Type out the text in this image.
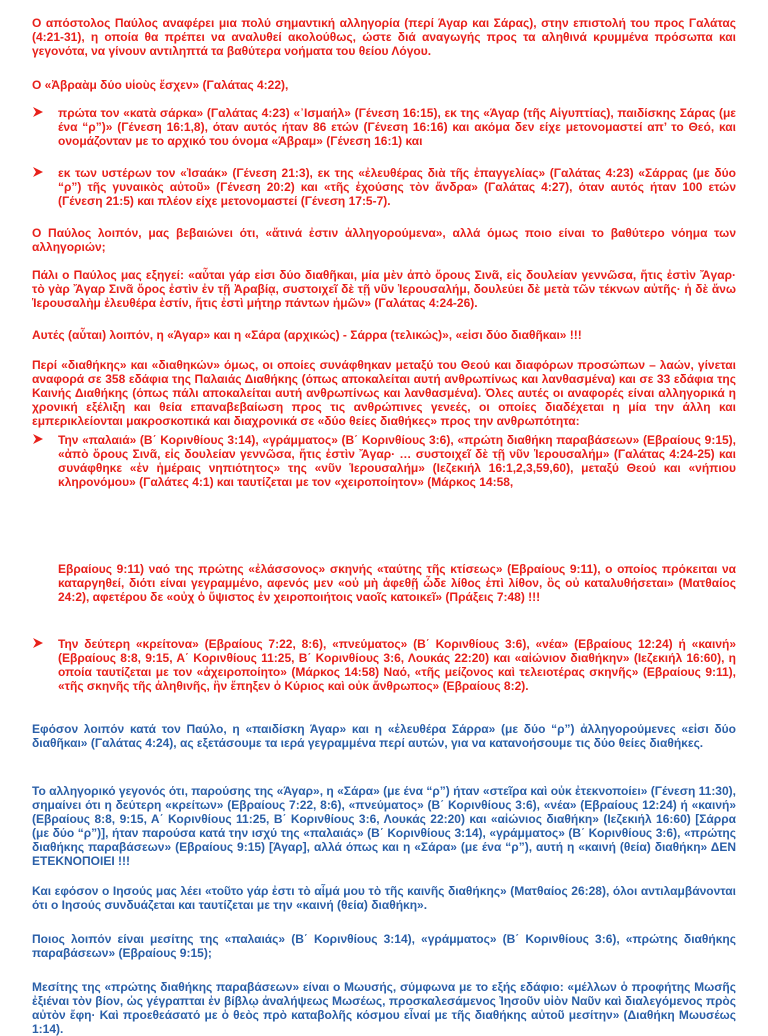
Ο απόστολος Παύλος αναφέρει μια πολύ σημαντική αλληγορία (περί Άγαρ και Σάρας), στην επιστολή του προς Γαλάτας (4:21-31), η οποία θα πρέπει να αναλυθεί ακολούθως, ώστε διά αναγωγής προς τα αληθινά κρυμμένα πρόσωπα και γεγονότα, να γίνουν αντιληπτά τα βαθύτερα νοήματα του θείου Λόγου.

Ο «Ἀβραὰμ δύο υἱοὺς ἔσχεν» (Γαλάτας 4:22),

πρώτα τον «κατὰ σάρκα» (Γαλάτας 4:23) «᾿Ισμαήλ» (Γένεση 16:15), εκ της «Άγαρ (τῆς Αἰγυπτίας), παιδίσκης Σάρας (με ένα “ρ”)» (Γένεση 16:1,8), όταν αυτός ήταν 86 ετών (Γένεση 16:16) και ακόμα δεν είχε μετονομαστεί απ’ το Θεό, και ονομάζονταν με το αρχικό του όνομα «Άβραμ» (Γένεση 16:1) και

εκ των υστέρων τον «Ἰσαάκ» (Γένεση 21:3), εκ της «ἐλευθέρας διὰ τῆς ἐπαγγελίας» (Γαλάτας 4:23) «Σάρρας (με δύο “ρ”) τῆς γυναικὸς αὐτοῦ» (Γένεση 20:2) και «τῆς ἐχούσης τὸν ἄνδρα» (Γαλάτας 4:27), όταν αυτός ήταν 100 ετών (Γένεση 21:5) και πλέον είχε μετονομαστεί (Γένεση 17:5-7).

Ο Παύλος λοιπόν, μας βεβαιώνει ότι, «ἅτινά ἐστιν ἀλληγορούμενα», αλλά όμως ποιο είναι το βαθύτερο νόημα των αλληγοριών;

Πάλι ο Παύλος μας εξηγεί: «αὗται γάρ εἰσι δύο διαθῆκαι, μία μὲν ἀπὸ ὄρους Σινᾶ, εἰς δουλείαν γεννῶσα, ἥτις ἐστὶν Ἄγαρ· τὸ γὰρ Ἄγαρ Σινᾶ ὄρος ἐστὶν ἐν τῇ Ἀραβίᾳ, συστοιχεῖ δὲ τῇ νῦν Ἱερουσαλήμ, δουλεύει δὲ μετὰ τῶν τέκνων αὐτῆς· ἡ δὲ ἄνω Ἱερουσαλὴμ ἐλευθέρα ἐστίν, ἥτις ἐστὶ μήτηρ πάντων ἡμῶν» (Γαλάτας 4:24-26).

Αυτές (αὗται) λοιπόν, η «Άγαρ» και η «Σάρα (αρχικώς) - Σάρρα (τελικώς)», «εἰσι δύο διαθῆκαι» !!!

Περί «διαθήκης» και «διαθηκών» όμως, οι οποίες συνάφθηκαν μεταξύ του Θεού και διαφόρων προσώπων – λαών, γίνεται αναφορά σε 358 εδάφια της Παλαιάς Διαθήκης (όπως αποκαλείται αυτή ανθρωπίνως και λανθασμένα) και σε 33 εδάφια της Καινής Διαθήκης (όπως πάλι αποκαλείται αυτή ανθρωπίνως και λανθασμένα). Όλες αυτές οι αναφορές είναι αλληγορικά η χρονική εξέλιξη και θεία επαναβεβαίωση προς τις ανθρώπινες γενεές, οι οποίες διαδέχεται η μία την άλλη και εμπερικλείονται μακροσκοπικά και διαχρονικά σε «δύο θείες διαθήκες» προς την ανθρωπότητα:

Την «παλαιά» (Β΄ Κορινθίους 3:14), «γράμματος» (Β΄ Κορινθίους 3:6), «πρώτη διαθήκη παραβάσεων» (Εβραίους 9:15), «ἀπὸ ὄρους Σινᾶ, εἰς δουλείαν γεννῶσα, ἥτις ἐστὶν Ἄγαρ· … συστοιχεῖ δὲ τῇ νῦν Ἱερουσαλήμ» (Γαλάτας 4:24-25) και συνάφθηκε «ἐν ἡμέραις νηπιότητος» της «νῦν Ἱερουσαλήμ» (Ιεζεκιήλ 16:1,2,3,59,60), μεταξύ Θεού και «νήπιου κληρονόμου» (Γαλάτες 4:1) και ταυτίζεται με τον «χειροποίητον» (Μάρκος 14:58,

Εβραίους 9:11) ναό της πρώτης «ἐλάσσονος» σκηνής «ταύτης τῆς κτίσεως» (Εβραίους 9:11), ο οποίος πρόκειται να καταργηθεί, διότι είναι γεγραμμένο, αφενός μεν «οὐ μὴ ἀφεθῇ ὧδε λίθος ἐπὶ λίθον, ὃς οὐ καταλυθήσεται» (Ματθαίος 24:2), αφετέρου δε «οὐχ ὁ ὕψιστος ἐν χειροποιήτοις ναοῖς κατοικεῖ» (Πράξεις 7:48) !!!

Την δεύτερη «κρείτονα» (Εβραίους 7:22, 8:6), «πνεύματος» (Β΄ Κορινθίους 3:6), «νέα» (Εβραίους 12:24) ή «καινή» (Εβραίους 8:8, 9:15, Α΄ Κορινθίους 11:25, Β΄ Κορινθίους 3:6, Λουκάς 22:20) και «αἰώνιον διαθήκην» (Ιεζεκιήλ 16:60), η οποία ταυτίζεται με τον «ἀχειροποίητο» (Μάρκος 14:58) Ναό, «τῆς μείζονος καὶ τελειοτέρας σκηνῆς» (Εβραίους 9:11), «τῆς σκηνῆς τῆς ἀληθινῆς, ἣν ἔπηξεν ὁ Κύριος καὶ οὐκ ἄνθρωπος» (Εβραίους 8:2).

Εφόσον λοιπόν κατά τον Παύλο, η «παιδίσκη Άγαρ» και η «ἐλευθέρα Σάρρα» (με δύο “ρ”) ἀλληγορούμενες «εἰσι δύο διαθῆκαι» (Γαλάτας 4:24), ας εξετάσουμε τα ιερά γεγραμμένα περί αυτών, για να κατανοήσουμε τις δύο θείες διαθήκες.

Το αλληγορικό γεγονός ότι, παρούσης της «Άγαρ», η «Σάρα» (με ένα “ρ”) ήταν «στεῖρα καὶ οὐκ ἐτεκνοποίει» (Γένεση 11:30), σημαίνει ότι η δεύτερη «κρείτων» (Εβραίους 7:22, 8:6), «πνεύματος» (Β΄ Κορινθίους 3:6), «νέα» (Εβραίους 12:24) ή «καινή» (Εβραίους 8:8, 9:15, Α΄ Κορινθίους 11:25, Β΄ Κορινθίους 3:6, Λουκάς 22:20) και «αἰώνιος διαθήκη» (Ιεζεκιήλ 16:60) [Σάρρα (με δύο “ρ”)], ήταν παρούσα κατά την ισχύ της «παλαιάς» (Β΄ Κορινθίους 3:14), «γράμματος» (Β΄ Κορινθίους 3:6), «πρώτης διαθήκης παραβάσεων» (Εβραίους 9:15) [Άγαρ], αλλά όπως και η «Σάρα» (με ένα “ρ”), αυτή η «καινή (θεία) διαθήκη» ΔΕΝ ΕΤΕΚΝΟΠΟΙΕΙ !!!

Και εφόσον ο Ιησούς μας λέει «τοῦτο γάρ ἐστι τὸ αἷμά μου τὸ τῆς καινῆς διαθήκης» (Ματθαίος 26:28), όλοι αντιλαμβάνονται ότι ο Ιησούς συνδυάζεται και ταυτίζεται με την «καινή (θεία) διαθήκη».

Ποιος λοιπόν είναι μεσίτης της «παλαιάς» (Β΄ Κορινθίους 3:14), «γράμματος» (Β΄ Κορινθίους 3:6), «πρώτης διαθήκης παραβάσεων» (Εβραίους 9:15);

Μεσίτης της «πρώτης διαθήκης παραβάσεων» είναι ο Μωυσής, σύμφωνα με το εξής εδάφιο: «μέλλων ὁ προφήτης Μωσῆς ἐξιέναι τὸν βίον, ὡς γέγραπται ἐν βίβλῳ ἀναλήψεως Μωσέως, προσκαλεσάμενος Ἰησοῦν υἱὸν Ναῦν καὶ διαλεγόμενος πρὸς αὐτὸν ἔφη· Καὶ προεθεάσατό με ὁ θεὸς πρὸ καταβολῆς κόσμου εἶναί με τῆς διαθήκης αὐτοῦ μεσίτην» (Διαθήκη Μωυσέως 1:14).
